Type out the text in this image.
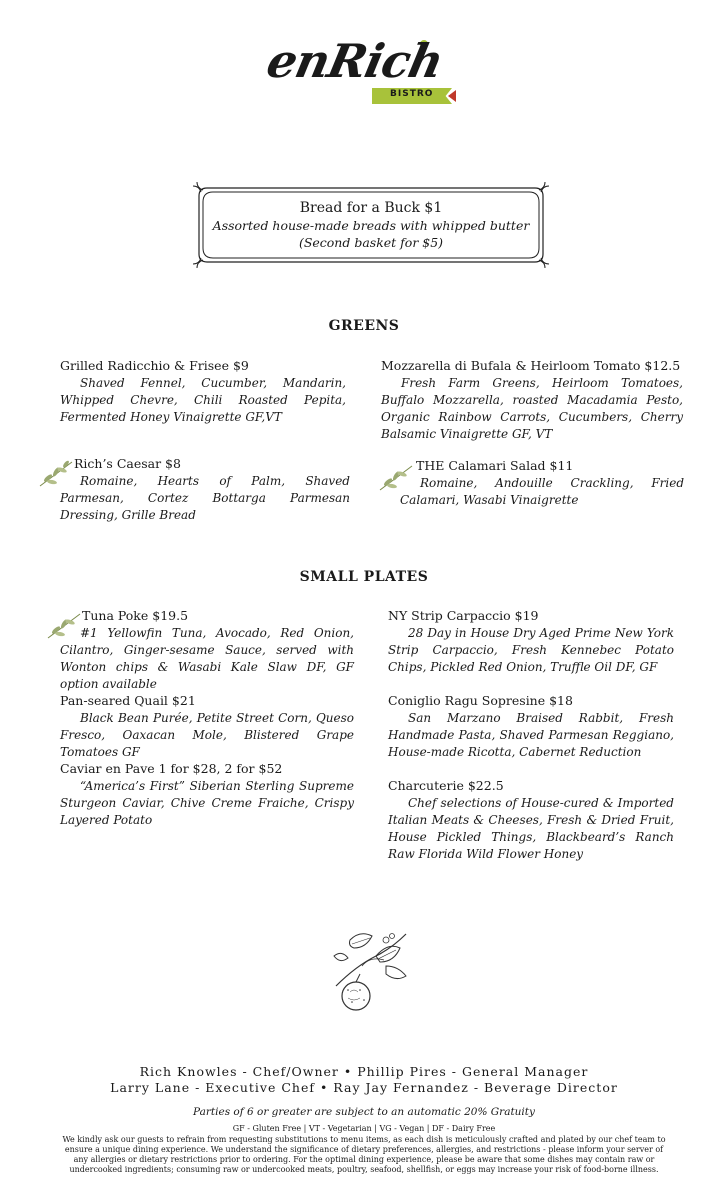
enRich
BISTRO

Bread for a Buck $1

Assorted house-made breads with whipped butter

(Second basket for $5)

GREENS

Grilled Radicchio & Frisee $9

Shaved Fennel, Cucumber, Mandarin, Whipped Chevre, Chili Roasted Pepita, Fermented Honey Vinaigrette GF,VT

Mozzarella di Bufala & Heirloom Tomato $12.5

Fresh Farm Greens, Heirloom Tomatoes, Buffalo Mozzarella, roasted Macadamia Pesto, Organic Rainbow Carrots, Cucumbers, Cherry Balsamic Vinaigrette GF, VT

Rich’s Caesar $8

Romaine, Hearts of Palm, Shaved Parmesan, Cortez Bottarga Parmesan Dressing, Grille Bread

THE Calamari Salad $11

Romaine, Andouille Crackling, Fried Calamari, Wasabi Vinaigrette

SMALL PLATES

Tuna Poke $19.5

#1 Yellowfin Tuna, Avocado, Red Onion, Cilantro, Ginger-sesame Sauce, served with Wonton chips & Wasabi Kale Slaw DF, GF option available

NY Strip Carpaccio $19

28 Day in House Dry Aged Prime New York Strip Carpaccio, Fresh Kennebec Potato Chips, Pickled Red Onion, Truffle Oil DF, GF

Pan-seared Quail $21

Black Bean Purée, Petite Street Corn, Queso Fresco, Oaxacan Mole, Blistered Grape Tomatoes GF

Coniglio Ragu Sopresine $18

San Marzano Braised Rabbit, Fresh Handmade Pasta, Shaved Parmesan Reggiano, House-made Ricotta, Cabernet Reduction

Caviar en Pave 1 for $28, 2 for $52

“America’s First” Siberian Sterling Supreme Sturgeon Caviar, Chive Creme Fraiche, Crispy Layered Potato

Charcuterie $22.5

Chef selections of House-cured & Imported Italian Meats & Cheeses, Fresh & Dried Fruit, House Pickled Things, Blackbeard’s Ranch Raw Florida Wild Flower Honey

Rich Knowles - Chef/Owner • Phillip Pires - General Manager

Larry Lane - Executive Chef • Ray Jay Fernandez - Beverage Director

Parties of 6 or greater are subject to an automatic 20% Gratuity

GF - Gluten Free | VT - Vegetarian | VG - Vegan | DF - Dairy Free

We kindly ask our guests to refrain from requesting substitutions to menu items, as each dish is meticulously crafted and plated by our chef team to ensure a unique dining experience. We understand the significance of dietary preferences, allergies, and restrictions - please inform your server of any allergies or dietary restrictions prior to ordering. For the optimal dining experience, please be aware that some dishes may contain raw or undercooked ingredients; consuming raw or undercooked meats, poultry, seafood, shellfish, or eggs may increase your risk of food-borne illness.
